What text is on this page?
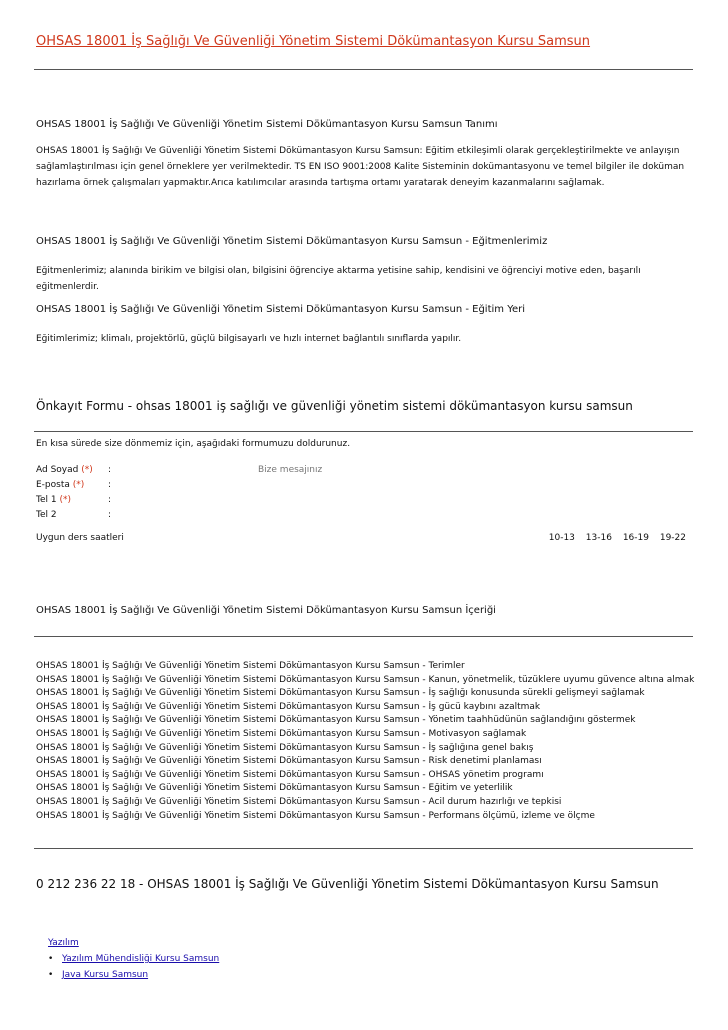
OHSAS 18001 İş Sağlığı Ve Güvenliği Yönetim Sistemi Dökümantasyon Kursu Samsun
OHSAS 18001 İş Sağlığı Ve Güvenliği Yönetim Sistemi Dökümantasyon Kursu Samsun Tanımı
OHSAS 18001 İş Sağlığı Ve Güvenliği Yönetim Sistemi Dökümantasyon Kursu Samsun: Eğitim etkileşimli olarak gerçekleştirilmekte ve anlayışın sağlamlaştırılması için genel örneklere yer verilmektedir. TS EN ISO 9001:2008 Kalite Sisteminin dokümantasyonu ve temel bilgiler ile doküman hazırlama örnek çalışmaları yapmaktır.Arıca katılımcılar arasında tartışma ortamı yaratarak deneyim kazanmalarını sağlamak.
OHSAS 18001 İş Sağlığı Ve Güvenliği Yönetim Sistemi Dökümantasyon Kursu Samsun - Eğitmenlerimiz
Eğitmenlerimiz; alanında birikim ve bilgisi olan, bilgisini öğrenciye aktarma yetisine sahip, kendisini ve öğrenciyi motive eden, başarılı eğitmenlerdir.
OHSAS 18001 İş Sağlığı Ve Güvenliği Yönetim Sistemi Dökümantasyon Kursu Samsun - Eğitim Yeri
Eğitimlerimiz; klimalı, projektörlü, güçlü bilgisayarlı ve hızlı internet bağlantılı sınıflarda yapılır.
Önkayıt Formu - ohsas 18001 iş sağlığı ve güvenliği yönetim sistemi dökümantasyon kursu samsun
En kısa sürede size dönmemiz için, aşağıdaki formumuzu doldurunuz.
Ad Soyad (*) :	Bize mesajınız
E-posta (*)	:
Tel 1 (*)	:
Tel 2	:
Uygun ders saatleri	10-13 13-16 16-19 19-22
OHSAS 18001 İş Sağlığı Ve Güvenliği Yönetim Sistemi Dökümantasyon Kursu Samsun İçeriği
OHSAS 18001 İş Sağlığı Ve Güvenliği Yönetim Sistemi Dökümantasyon Kursu Samsun - Terimler
OHSAS 18001 İş Sağlığı Ve Güvenliği Yönetim Sistemi Dökümantasyon Kursu Samsun - Kanun, yönetmelik, tüzüklere uyumu güvence altına almak
OHSAS 18001 İş Sağlığı Ve Güvenliği Yönetim Sistemi Dökümantasyon Kursu Samsun - İş sağlığı konusunda sürekli gelişmeyi sağlamak
OHSAS 18001 İş Sağlığı Ve Güvenliği Yönetim Sistemi Dökümantasyon Kursu Samsun - İş gücü kaybını azaltmak
OHSAS 18001 İş Sağlığı Ve Güvenliği Yönetim Sistemi Dökümantasyon Kursu Samsun - Yönetim taahhüdünün sağlandığını göstermek
OHSAS 18001 İş Sağlığı Ve Güvenliği Yönetim Sistemi Dökümantasyon Kursu Samsun - Motivasyon sağlamak
OHSAS 18001 İş Sağlığı Ve Güvenliği Yönetim Sistemi Dökümantasyon Kursu Samsun - İş sağlığına genel bakış
OHSAS 18001 İş Sağlığı Ve Güvenliği Yönetim Sistemi Dökümantasyon Kursu Samsun - Risk denetimi planlaması
OHSAS 18001 İş Sağlığı Ve Güvenliği Yönetim Sistemi Dökümantasyon Kursu Samsun - OHSAS yönetim programı
OHSAS 18001 İş Sağlığı Ve Güvenliği Yönetim Sistemi Dökümantasyon Kursu Samsun - Eğitim ve yeterlilik
OHSAS 18001 İş Sağlığı Ve Güvenliği Yönetim Sistemi Dökümantasyon Kursu Samsun - Acil durum hazırlığı ve tepkisi
OHSAS 18001 İş Sağlığı Ve Güvenliği Yönetim Sistemi Dökümantasyon Kursu Samsun - Performans ölçümü, izleme ve ölçme
0 212 236 22 18 - OHSAS 18001 İş Sağlığı Ve Güvenliği Yönetim Sistemi Dökümantasyon Kursu Samsun
Yazılım
• Yazılım Mühendisliği Kursu Samsun
• Java Kursu Samsun
